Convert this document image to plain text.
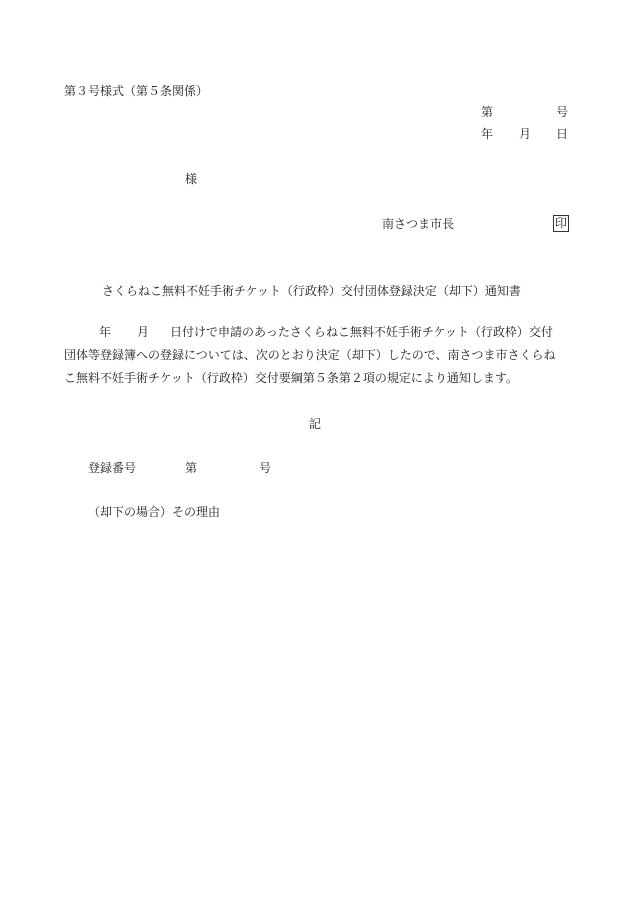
第３号様式（第５条関係）
第	号
年 月 日
様
南さつま市長	印
さくらねこ無料不妊手術チケット（行政枠）交付団体登録決定（却下）通知書
年 月 日付けで申請のあったさくらねこ無料不妊手術チケット（行政枠）交付
団体等登録簿への登録については、次のとおり決定（却下）したので、南さつま市さくらね
こ無料不妊手術チケット（行政枠）交付要綱第５条第２項の規定により通知します。
記
登録番号	第	号
（却下の場合）その理由
